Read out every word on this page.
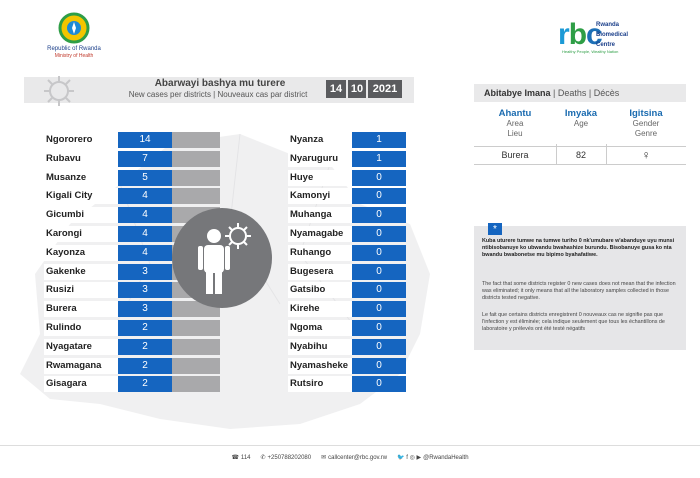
Republic of Rwanda
Ministry of Health
rbc
Rwanda
Biomedical
Centre
Healthy People, Wealthy Nation
Abarwayi bashya mu turere
New cases per districts | Nouveaux cas par district	14 10 2021
Ngororero	14
Rubavu	7
Musanze	5
Kigali City	4
Gicumbi	4
Karongi	4
Kayonza	4
Gakenke	3
Rusizi	3
Burera	3
Rulindo	2
Nyagatare	2
Rwamagana	2
Gisagara	2
Nyanza	1
Nyaruguru	1
Huye	0
Kamonyi	0
Muhanga	0
Nyamagabe	0
Ruhango	0
Bugesera	0
Gatsibo	0
Kirehe	0
Ngoma	0
Nyabihu	0
Nyamasheke	0
Rutsiro	0
Abitabye Imana | Deaths | Décès
Ahantu
Area
Lieu
Imyaka
Age
Igitsina
Gender
Genre
Burera	82	♀

Kuba uturere tumwe na tumwe turiho 0 nk'umubare w'abanduye uyu munsi ntibisobanuye ko ubwandu bwahashize burundu. Bisobanuye gusa ko nta bwandu bwabonetse mu bipimo byahafatiwe.

The fact that some districts register 0 new cases does not mean that the infection was eliminated; it only means that all the laboratory samples collected in those districts tested negative.

Le fait que certains districts enregistrent 0 nouveaux cas ne signifie pas que l'infection y est éliminée; cela indique seulement que tous les échantillons de laboratoire y prélevés ont été testé négatifs

*
☎ 114 ✆ +250788202080 ✉ callcenter@rbc.gov.rw 🐦 f ◎ ▶ @RwandaHealth
